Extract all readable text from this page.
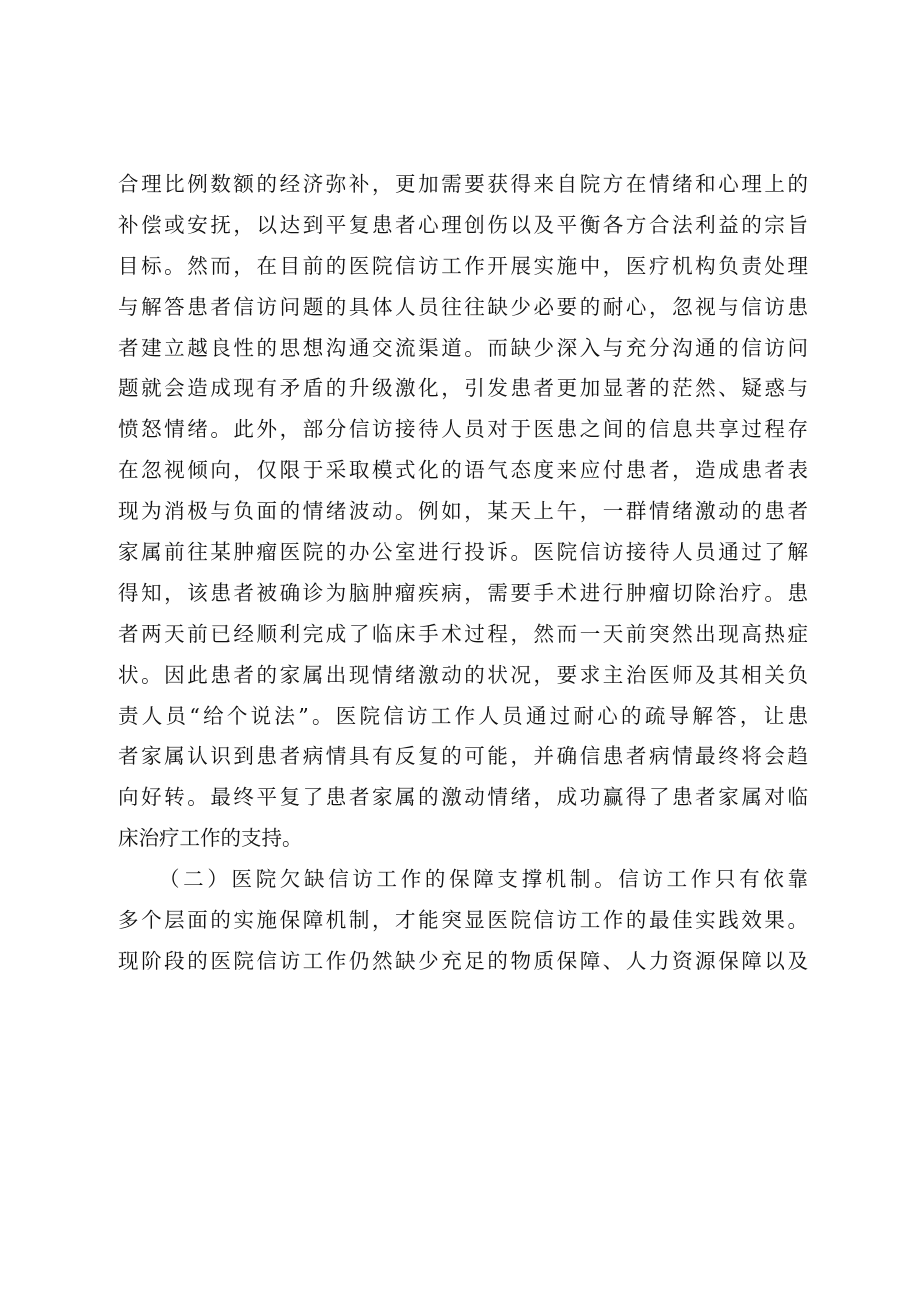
合理比例数额的经济弥补，更加需要获得来自院方在情绪和心理上的
补偿或安抚，以达到平复患者心理创伤以及平衡各方合法利益的宗旨
目标。然而，在目前的医院信访工作开展实施中，医疗机构负责处理
与解答患者信访问题的具体人员往往缺少必要的耐心，忽视与信访患
者建立越良性的思想沟通交流渠道。而缺少深入与充分沟通的信访问
题就会造成现有矛盾的升级激化，引发患者更加显著的茫然、疑惑与
愤怒情绪。此外，部分信访接待人员对于医患之间的信息共享过程存
在忽视倾向，仅限于采取模式化的语气态度来应付患者，造成患者表
现为消极与负面的情绪波动。例如，某天上午，一群情绪激动的患者
家属前往某肿瘤医院的办公室进行投诉。医院信访接待人员通过了解
得知，该患者被确诊为脑肿瘤疾病，需要手术进行肿瘤切除治疗。患
者两天前已经顺利完成了临床手术过程，然而一天前突然出现高热症
状。因此患者的家属出现情绪激动的状况，要求主治医师及其相关负
责人员“给个说法”。医院信访工作人员通过耐心的疏导解答，让患
者家属认识到患者病情具有反复的可能，并确信患者病情最终将会趋
向好转。最终平复了患者家属的激动情绪，成功赢得了患者家属对临
床治疗工作的支持。
（二）医院欠缺信访工作的保障支撑机制。信访工作只有依靠
多个层面的实施保障机制，才能突显医院信访工作的最佳实践效果。
现阶段的医院信访工作仍然缺少充足的物质保障、人力资源保障以及
